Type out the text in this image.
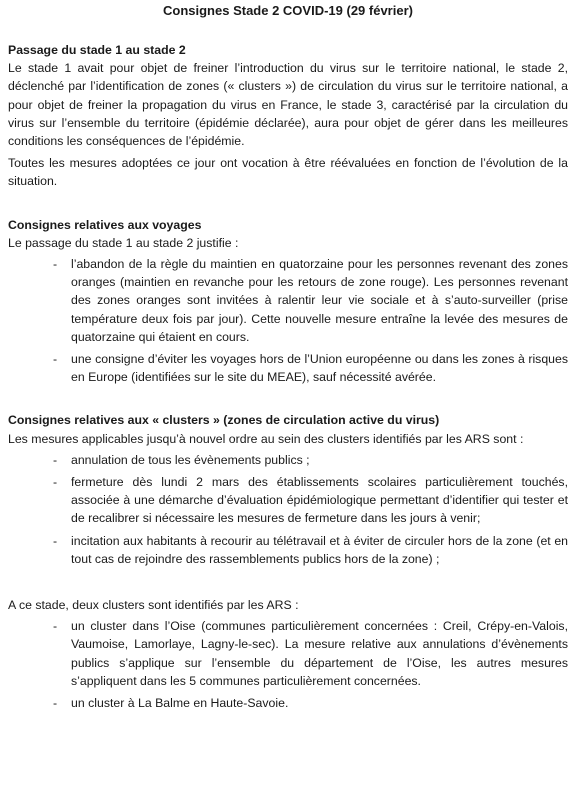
Consignes Stade 2 COVID-19 (29 février)
Passage du stade 1 au stade 2

Le stade 1 avait pour objet de freiner l’introduction du virus sur le territoire national, le stade 2, déclenché par l’identification de zones (« clusters ») de circulation du virus sur le territoire national, a pour objet de freiner la propagation du virus en France, le stade 3, caractérisé par la circulation du virus sur l’ensemble du territoire (épidémie déclarée), aura pour objet de gérer dans les meilleures conditions les conséquences de l’épidémie.

Toutes les mesures adoptées ce jour ont vocation à être réévaluées en fonction de l’évolution de la situation.

Consignes relatives aux voyages

Le passage du stade 1 au stade 2 justifie :

- l’abandon de la règle du maintien en quatorzaine pour les personnes revenant des zones oranges (maintien en revanche pour les retours de zone rouge). Les personnes revenant des zones oranges sont invitées à ralentir leur vie sociale et à s’auto-surveiller (prise température deux fois par jour). Cette nouvelle mesure entraîne la levée des mesures de quatorzaine qui étaient en cours.
- une consigne d’éviter les voyages hors de l’Union européenne ou dans les zones à risques en Europe (identifiées sur le site du MEAE), sauf nécessité avérée.
Consignes relatives aux « clusters » (zones de circulation active du virus)

Les mesures applicables jusqu’à nouvel ordre au sein des clusters identifiés par les ARS sont :

- annulation de tous les évènements publics ;
- fermeture dès lundi 2 mars des établissements scolaires particulièrement touchés, associée à une démarche d’évaluation épidémiologique permettant d’identifier qui tester et de recalibrer si nécessaire les mesures de fermeture dans les jours à venir;
- incitation aux habitants à recourir au télétravail et à éviter de circuler hors de la zone (et en tout cas de rejoindre des rassemblements publics hors de la zone) ;

A ce stade, deux clusters sont identifiés par les ARS :

- un cluster dans l’Oise (communes particulièrement concernées : Creil, Crépy-en-Valois, Vaumoise, Lamorlaye, Lagny-le-sec). La mesure relative aux annulations d’évènements publics s’applique sur l’ensemble du département de l’Oise, les autres mesures s’appliquent dans les 5 communes particulièrement concernées.
- un cluster à La Balme en Haute-Savoie.
